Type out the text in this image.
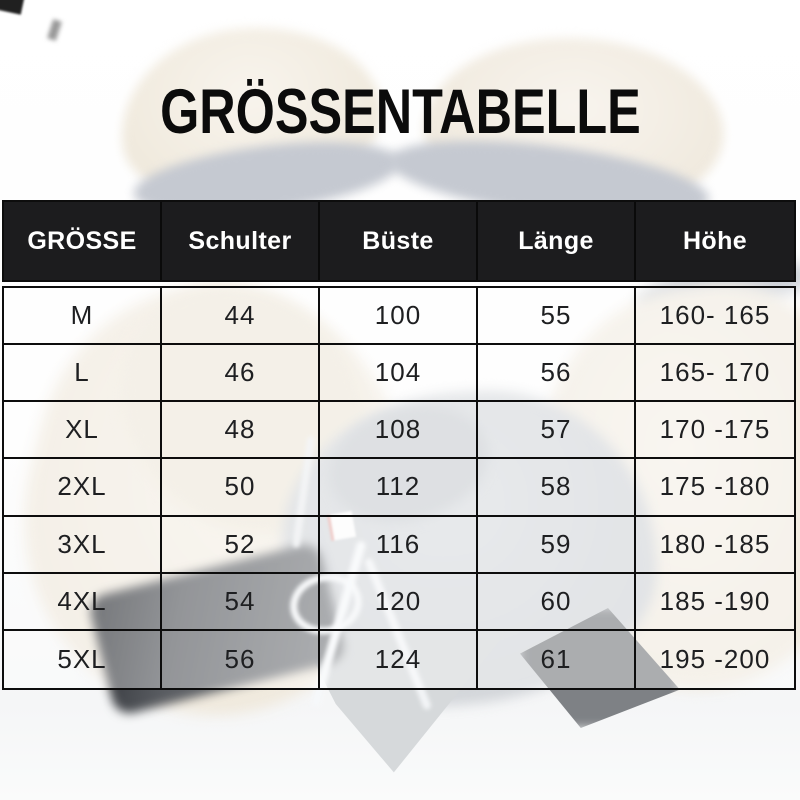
GRÖSSENTABELLE
GRÖSSE	Schulter	Büste	Länge	Höhe
M	44	100	55	160- 165
L	46	104	56	165- 170
XL	48	108	57	170 -175
2XL	50	112	58	175 -180
3XL	52	116	59	180 -185
4XL	54	120	60	185 -190
5XL	56	124	61	195 -200
